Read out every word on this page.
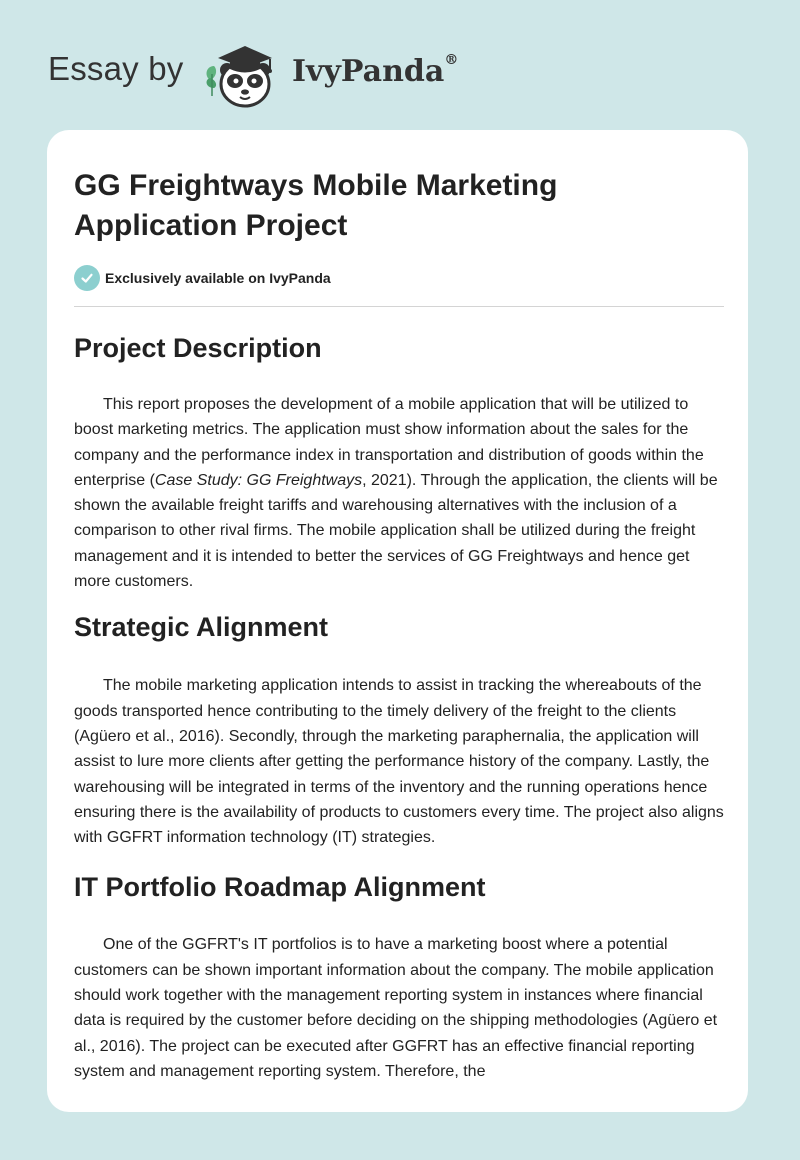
Essay by	IvyPanda®
GG Freightways Mobile Marketing Application Project
Exclusively available on IvyPanda
Project Description

This report proposes the development of a mobile application that will be utilized to boost marketing metrics. The application must show information about the sales for the company and the performance index in transportation and distribution of goods within the enterprise (Case Study: GG Freightways, 2021). Through the application, the clients will be shown the available freight tariffs and warehousing alternatives with the inclusion of a comparison to other rival firms. The mobile application shall be utilized during the freight management and it is intended to better the services of GG Freightways and hence get more customers.

Strategic Alignment

The mobile marketing application intends to assist in tracking the whereabouts of the goods transported hence contributing to the timely delivery of the freight to the clients (Agüero et al., 2016). Secondly, through the marketing paraphernalia, the application will assist to lure more clients after getting the performance history of the company. Lastly, the warehousing will be integrated in terms of the inventory and the running operations hence ensuring there is the availability of products to customers every time. The project also aligns with GGFRT information technology (IT) strategies.

IT Portfolio Roadmap Alignment

One of the GGFRT's IT portfolios is to have a marketing boost where a potential customers can be shown important information about the company. The mobile application should work together with the management reporting system in instances where financial data is required by the customer before deciding on the shipping methodologies (Agüero et al., 2016). The project can be executed after GGFRT has an effective financial reporting system and management reporting system. Therefore, the
